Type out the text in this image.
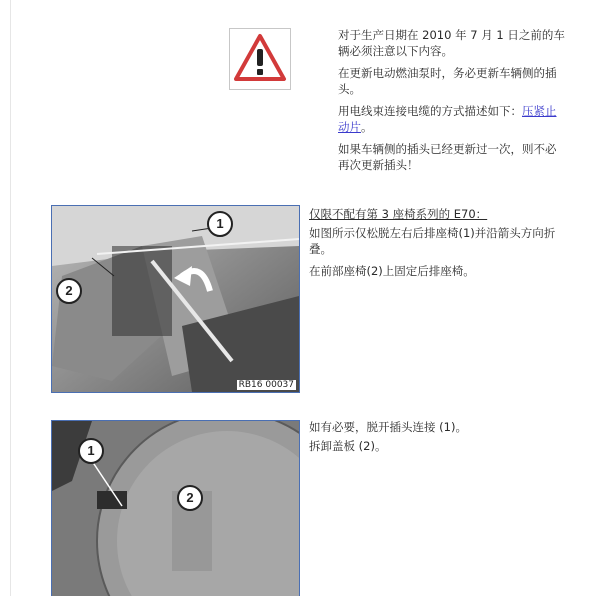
对于生产日期在 2010 年 7 月 1 日之前的车辆必须注意以下内容。

在更新电动燃油泵时，务必更新车辆侧的插头。

用电线束连接电缆的方式描述如下：压紧止动片。

如果车辆侧的插头已经更新过一次，则不必再次更新插头！

1
2
RB16 00037

仅限不配有第 3 座椅系列的 E70：

如图所示仅松脱左右后排座椅(1)并沿箭头方向折叠。

在前部座椅(2)上固定后排座椅。

1
2

如有必要，脱开插头连接 (1)。

拆卸盖板 (2)。
